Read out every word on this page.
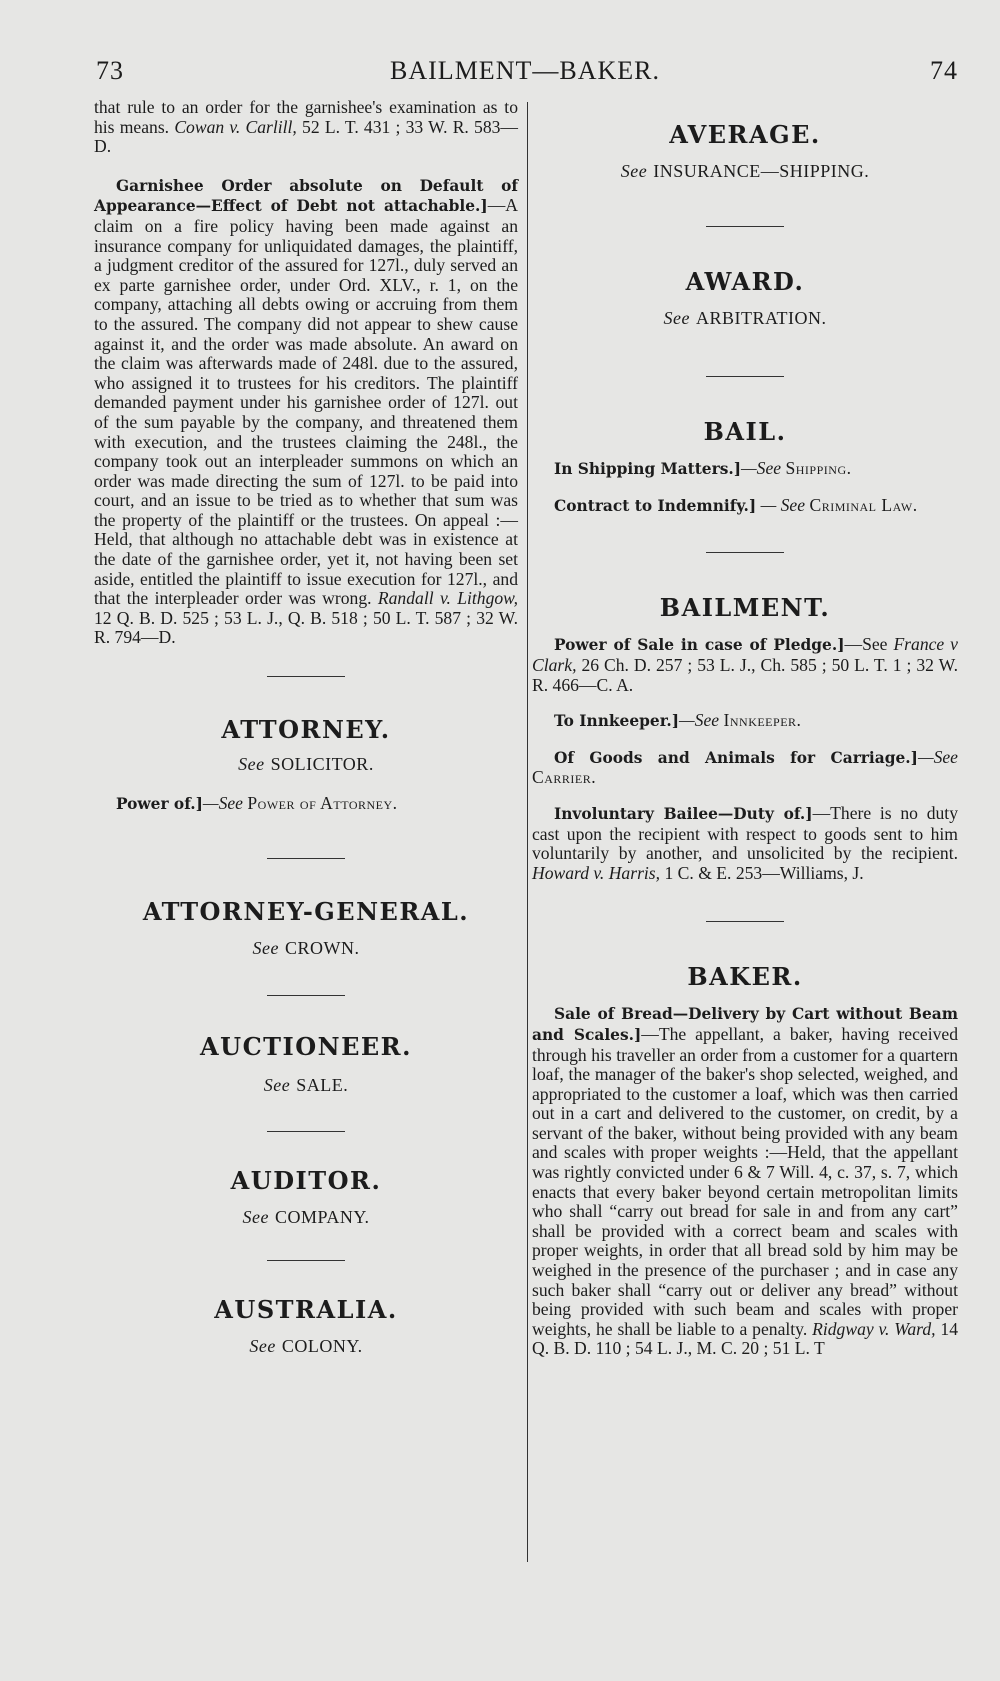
73	BAILMENT—BAKER.	74

that rule to an order for the garnishee's examination as to his means. Cowan v. Carlill, 52 L. T. 431 ; 33 W. R. 583—D.

Garnishee Order absolute on Default of Appearance—Effect of Debt not attachable.]—A claim on a fire policy having been made against an insurance company for unliquidated damages, the plaintiff, a judgment creditor of the assured for 127l., duly served an ex parte garnishee order, under Ord. XLV., r. 1, on the company, attaching all debts owing or accruing from them to the assured. The company did not appear to shew cause against it, and the order was made absolute. An award on the claim was afterwards made of 248l. due to the assured, who assigned it to trustees for his creditors. The plaintiff demanded payment under his garnishee order of 127l. out of the sum payable by the company, and threatened them with execution, and the trustees claiming the 248l., the company took out an interpleader summons on which an order was made directing the sum of 127l. to be paid into court, and an issue to be tried as to whether that sum was the property of the plaintiff or the trustees. On appeal :—Held, that although no attachable debt was in existence at the date of the garnishee order, yet it, not having been set aside, entitled the plaintiff to issue execution for 127l., and that the interpleader order was wrong. Randall v. Lithgow, 12 Q. B. D. 525 ; 53 L. J., Q. B. 518 ; 50 L. T. 587 ; 32 W. R. 794—D.

ATTORNEY.

See SOLICITOR.

Power of.]—See Power of Attorney.

ATTORNEY-GENERAL.

See CROWN.

AUCTIONEER.

See SALE.

AUDITOR.

See COMPANY.

AUSTRALIA.

See COLONY.

AVERAGE.

See INSURANCE—SHIPPING.

AWARD.

See ARBITRATION.

BAIL.

In Shipping Matters.]—See Shipping.

Contract to Indemnify.] — See Criminal Law.

BAILMENT.

Power of Sale in case of Pledge.]—See France v Clark, 26 Ch. D. 257 ; 53 L. J., Ch. 585 ; 50 L. T. 1 ; 32 W. R. 466—C. A.

To Innkeeper.]—See Innkeeper.

Of Goods and Animals for Carriage.]—See Carrier.

Involuntary Bailee—Duty of.]—There is no duty cast upon the recipient with respect to goods sent to him voluntarily by another, and unsolicited by the recipient. Howard v. Harris, 1 C. & E. 253—Williams, J.

BAKER.

Sale of Bread—Delivery by Cart without Beam and Scales.]—The appellant, a baker, having received through his traveller an order from a customer for a quartern loaf, the manager of the baker's shop selected, weighed, and appropriated to the customer a loaf, which was then carried out in a cart and delivered to the customer, on credit, by a servant of the baker, without being provided with any beam and scales with proper weights :—Held, that the appellant was rightly convicted under 6 & 7 Will. 4, c. 37, s. 7, which enacts that every baker beyond certain metropolitan limits who shall “carry out bread for sale in and from any cart” shall be provided with a correct beam and scales with proper weights, in order that all bread sold by him may be weighed in the presence of the purchaser ; and in case any such baker shall “carry out or deliver any bread” without being provided with such beam and scales with proper weights, he shall be liable to a penalty. Ridgway v. Ward, 14 Q. B. D. 110 ; 54 L. J., M. C. 20 ; 51 L. T
